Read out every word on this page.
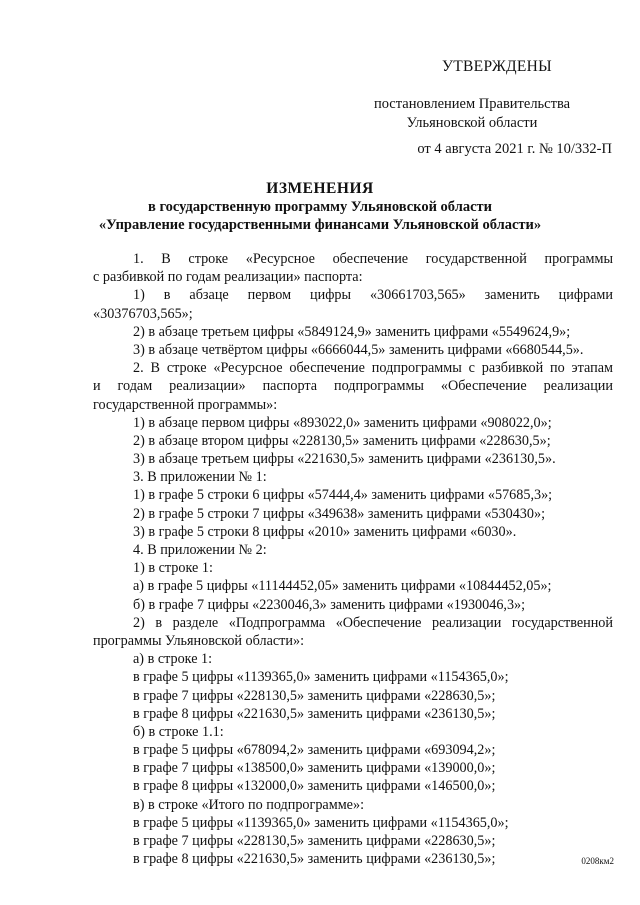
УТВЕРЖДЕНЫ
постановлением Правительства
Ульяновской области
от 4 августа 2021 г. № 10/332-П
ИЗМЕНЕНИЯ
в государственную программу Ульяновской области
«Управление государственными финансами Ульяновской области»
1. В строке «Ресурсное обеспечение государственной программы
с разбивкой по годам реализации» паспорта:
1) в абзаце первом цифры «30661703,565» заменить цифрами
«30376703,565»;
2) в абзаце третьем цифры «5849124,9» заменить цифрами «5549624,9»;
3) в абзаце четвёртом цифры «6666044,5» заменить цифрами «6680544,5».
2. В строке «Ресурсное обеспечение подпрограммы с разбивкой по этапам
и годам реализации» паспорта подпрограммы «Обеспечение реализации
государственной программы»:
1) в абзаце первом цифры «893022,0» заменить цифрами «908022,0»;
2) в абзаце втором цифры «228130,5» заменить цифрами «228630,5»;
3) в абзаце третьем цифры «221630,5» заменить цифрами «236130,5».
3. В приложении № 1:
1) в графе 5 строки 6 цифры «57444,4» заменить цифрами «57685,3»;
2) в графе 5 строки 7 цифры «349638» заменить цифрами «530430»;
3) в графе 5 строки 8 цифры «2010» заменить цифрами «6030».
4. В приложении № 2:
1) в строке 1:
а) в графе 5 цифры «11144452,05» заменить цифрами «10844452,05»;
б) в графе 7 цифры «2230046,3» заменить цифрами «1930046,3»;
2) в разделе «Подпрограмма «Обеспечение реализации государственной
программы Ульяновской области»:
а) в строке 1:
в графе 5 цифры «1139365,0» заменить цифрами «1154365,0»;
в графе 7 цифры «228130,5» заменить цифрами «228630,5»;
в графе 8 цифры «221630,5» заменить цифрами «236130,5»;
б) в строке 1.1:
в графе 5 цифры «678094,2» заменить цифрами «693094,2»;
в графе 7 цифры «138500,0» заменить цифрами «139000,0»;
в графе 8 цифры «132000,0» заменить цифрами «146500,0»;
в) в строке «Итого по подпрограмме»:
в графе 5 цифры «1139365,0» заменить цифрами «1154365,0»;
в графе 7 цифры «228130,5» заменить цифрами «228630,5»;
в графе 8 цифры «221630,5» заменить цифрами «236130,5»;	0208км2
